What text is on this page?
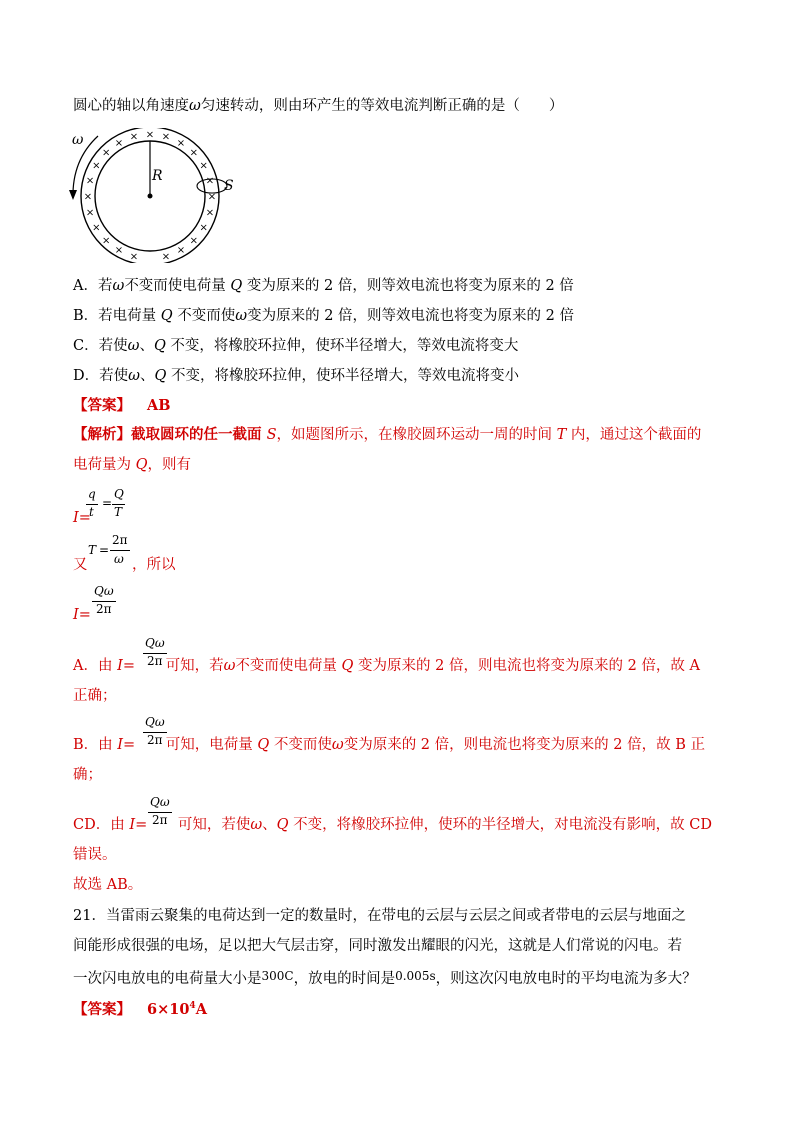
圆心的轴以角速度ω匀速转动，则由环产生的等效电流判断正确的是（　　）
×
×
×
×
×
×
×
×
×
×
×
×
×
×
×
×
× × ×
×
×
×
×
R
S
ω
A．若ω不变而使电荷量 Q 变为原来的 2 倍，则等效电流也将变为原来的 2 倍
B．若电荷量 Q 不变而使ω变为原来的 2 倍，则等效电流也将变为原来的 2 倍
C．若使ω、Q 不变，将橡胶环拉伸，使环半径增大，等效电流将变大
D．若使ω、Q 不变，将橡胶环拉伸，使环半径增大，等效电流将变小
【答案】 AB
【解析】截取圆环的任一截面 S，如题图所示，在橡胶圆环运动一周的时间 T 内，通过这个截面的
电荷量为 Q，则有
I=
q
t
=
Q
T
又
T =
2π
ω ，所以
I=
Qω
2π
Qω
2π
A．由 I= 可知，若ω不变而使电荷量 Q 变为原来的 2 倍，则电流也将变为原来的 2 倍，故 A
正确；
Qω
2π
B．由 I= 可知，电荷量 Q 不变而使ω变为原来的 2 倍，则电流也将变为原来的 2 倍，故 B 正
确；
Qω
2π
CD．由 I= 可知，若使ω、Q 不变，将橡胶环拉伸，使环的半径增大，对电流没有影响，故 CD
错误。
故选 AB。
21．当雷雨云聚集的电荷达到一定的数量时，在带电的云层与云层之间或者带电的云层与地面之
间能形成很强的电场，足以把大气层击穿，同时激发出耀眼的闪光，这就是人们常说的闪电。若
一次闪电放电的电荷量大小是$^{300C}$，放电的时间是$^{0.005s}$，则这次闪电放电时的平均电流为多大？
【答案】 $6\times 10^4A$
